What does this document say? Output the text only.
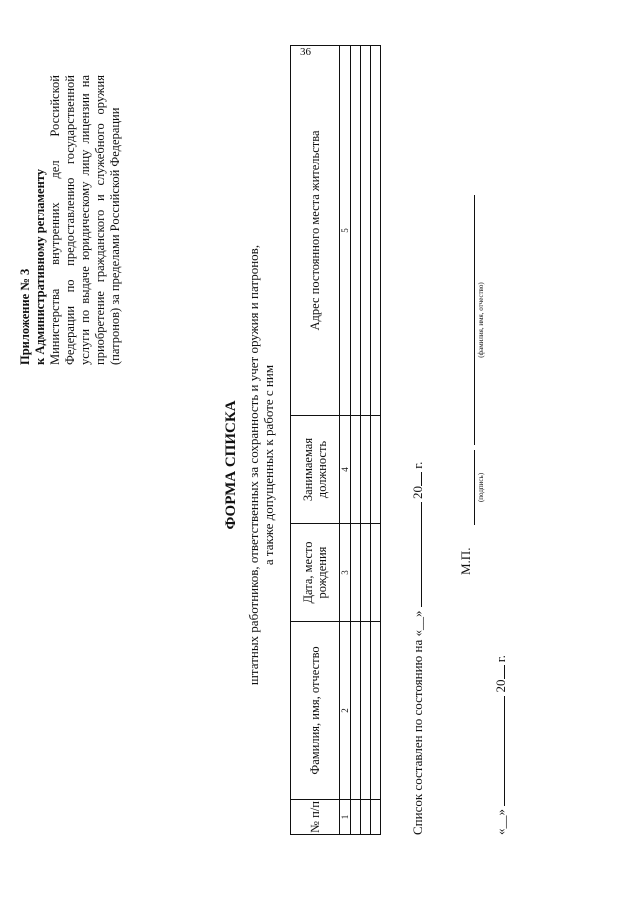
36
Приложение № 3 к Административному регламенту Министерства внутренних дел Российской Федерации по предоставлению государственной услуги по выдаче юридическому лицу лицензии на приобретение гражданского и служебного оружия (патронов) за пределами Российской Федерации
ФОРМА СПИСКА штатных работников, ответственных за сохранность и учет оружия и патронов, а также допущенных к работе с ним
№ п/п	Фамилия, имя, отчество	Дата, место рождения	Занимаемая должность	Адрес постоянного места жительства
1	2	3	4	5

Список составлен по состоянию на «__»  20 г.
М.П.
(подпись)
(фамилия, имя, отчество)
«__»  20 г.
